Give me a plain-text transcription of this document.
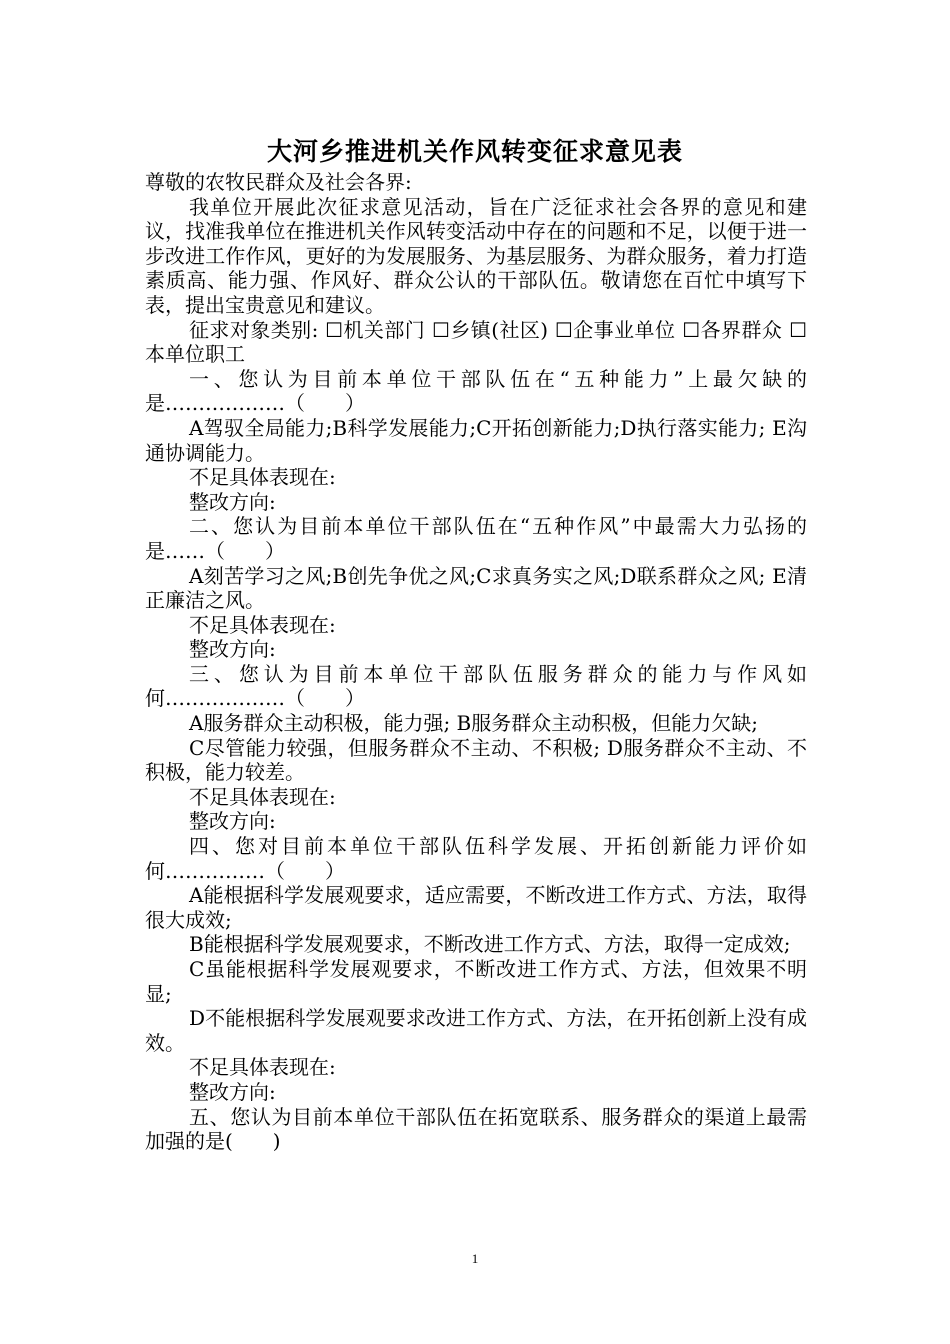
大河乡推进机关作风转变征求意见表

尊敬的农牧民群众及社会各界:

我单位开展此次征求意见活动，旨在广泛征求社会各界的意见和建议，找准我单位在推进机关作风转变活动中存在的问题和不足，以便于进一步改进工作作风，更好的为发展服务、为基层服务、为群众服务，着力打造素质高、能力强、作风好、群众公认的干部队伍。敬请您在百忙中填写下表，提出宝贵意见和建议。

征求对象类别: ☐机关部门 ☐乡镇(社区) ☐企事业单位 ☐各界群众 ☐本单位职工

一、您认为目前本单位干部队伍在“五种能力”上最欠缺的是………………（　　）

A驾驭全局能力;B科学发展能力;C开拓创新能力;D执行落实能力; E沟通协调能力。

不足具体表现在:

整改方向:

二、您认为目前本单位干部队伍在“五种作风”中最需大力弘扬的是……（　　）

A刻苦学习之风;B创先争优之风;C求真务实之风;D联系群众之风; E清正廉洁之风。

不足具体表现在:

整改方向:

三、您认为目前本单位干部队伍服务群众的能力与作风如何………………（　　）

A服务群众主动积极，能力强; B服务群众主动积极，但能力欠缺;

C尽管能力较强，但服务群众不主动、不积极; D服务群众不主动、不积极，能力较差。

不足具体表现在:

整改方向:

四、您对目前本单位干部队伍科学发展、开拓创新能力评价如何……………（　　）

A能根据科学发展观要求，适应需要，不断改进工作方式、方法，取得很大成效;

B能根据科学发展观要求，不断改进工作方式、方法，取得一定成效;

C虽能根据科学发展观要求，不断改进工作方式、方法，但效果不明显;

D不能根据科学发展观要求改进工作方式、方法，在开拓创新上没有成效。

不足具体表现在:

整改方向:

五、您认为目前本单位干部队伍在拓宽联系、服务群众的渠道上最需加强的是(　　)

1
